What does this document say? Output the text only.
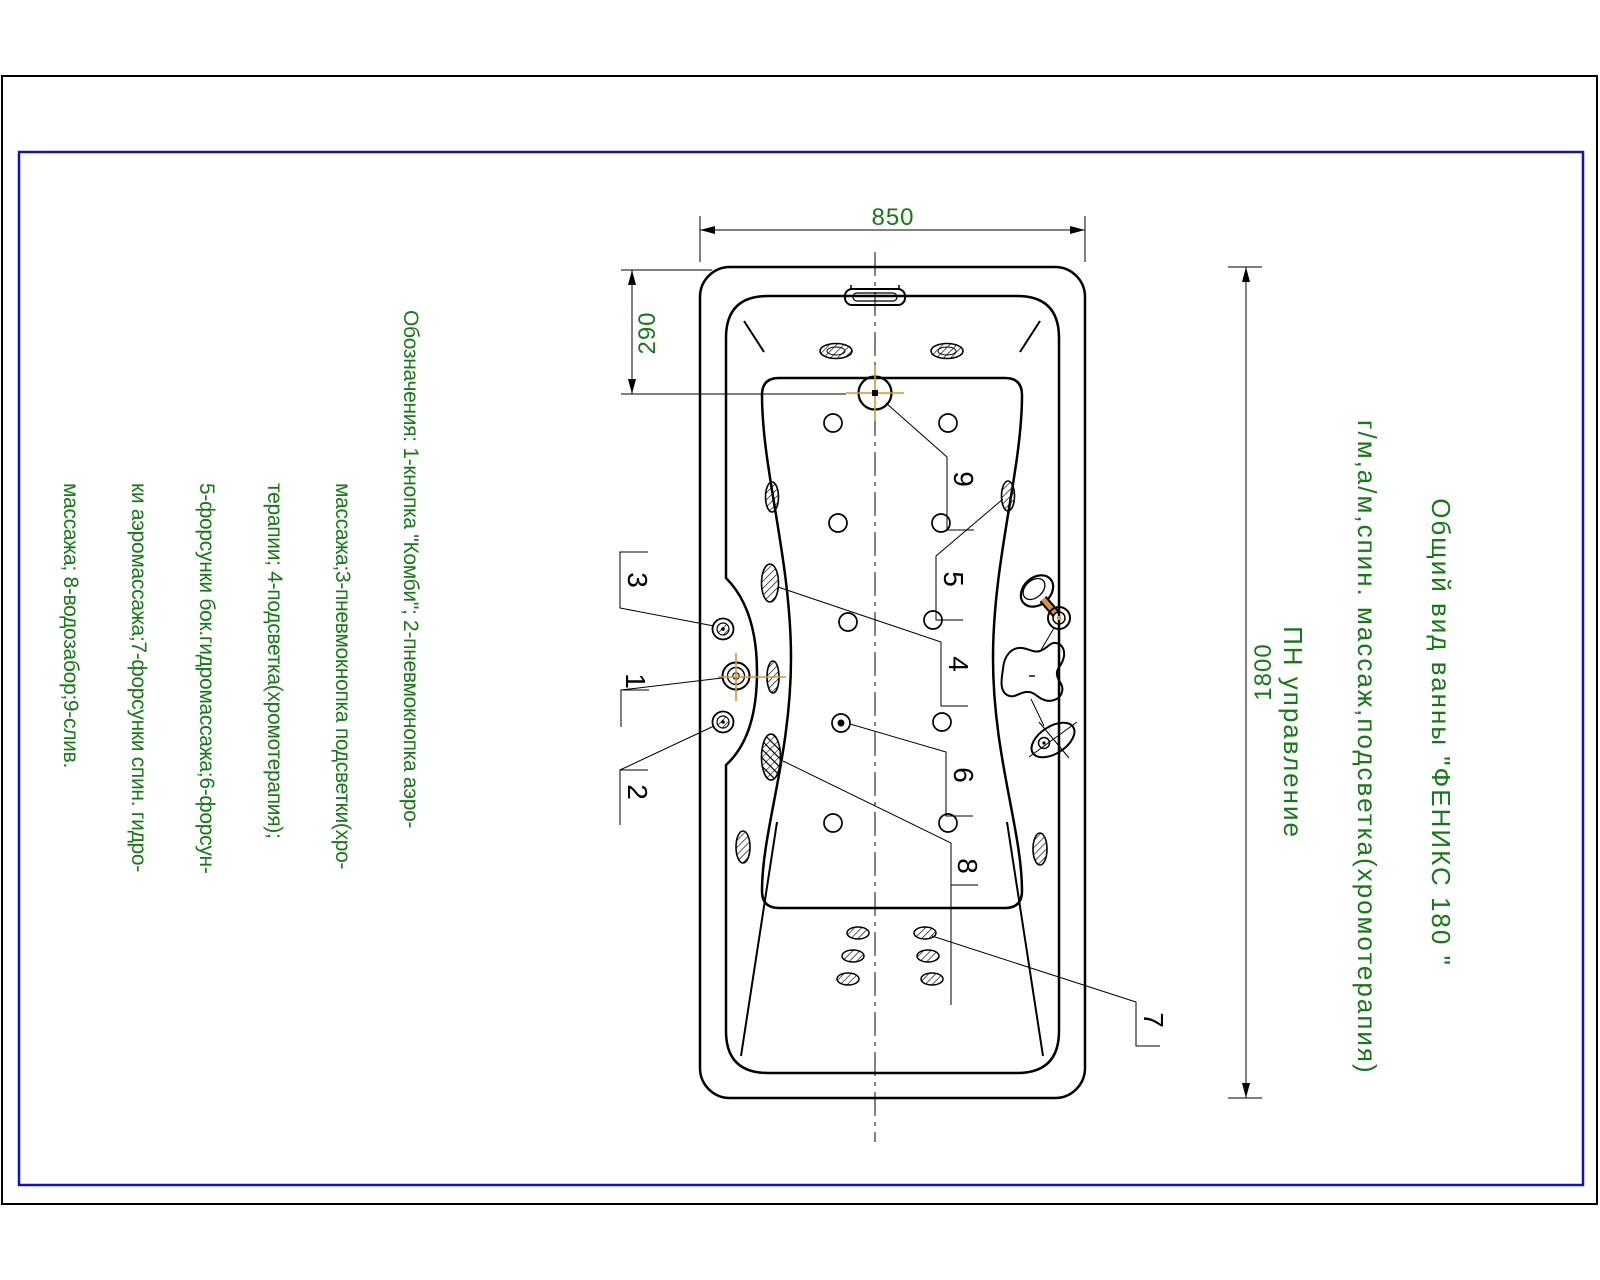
850
290
1800
3
1
2
9
5
4
6
8
7

Общий вид ванны "ФЕНИКС 180 "

г/м,а/м,спин. массаж,подсветка(хромотерапия)

ПН управление

Обозначения: 1-кнопка "Комби"; 2-пневмокнопка аэро-

массажа;3-пневмокнопка подсветки(хро-

терапии; 4-подсветка(хромотерапия);

5-форсунки бок.гидромассажа;6-форсун-

ки аэромассажа;7-форсунки спин. гидро-

массажа; 8-водозабор;9-слив.
